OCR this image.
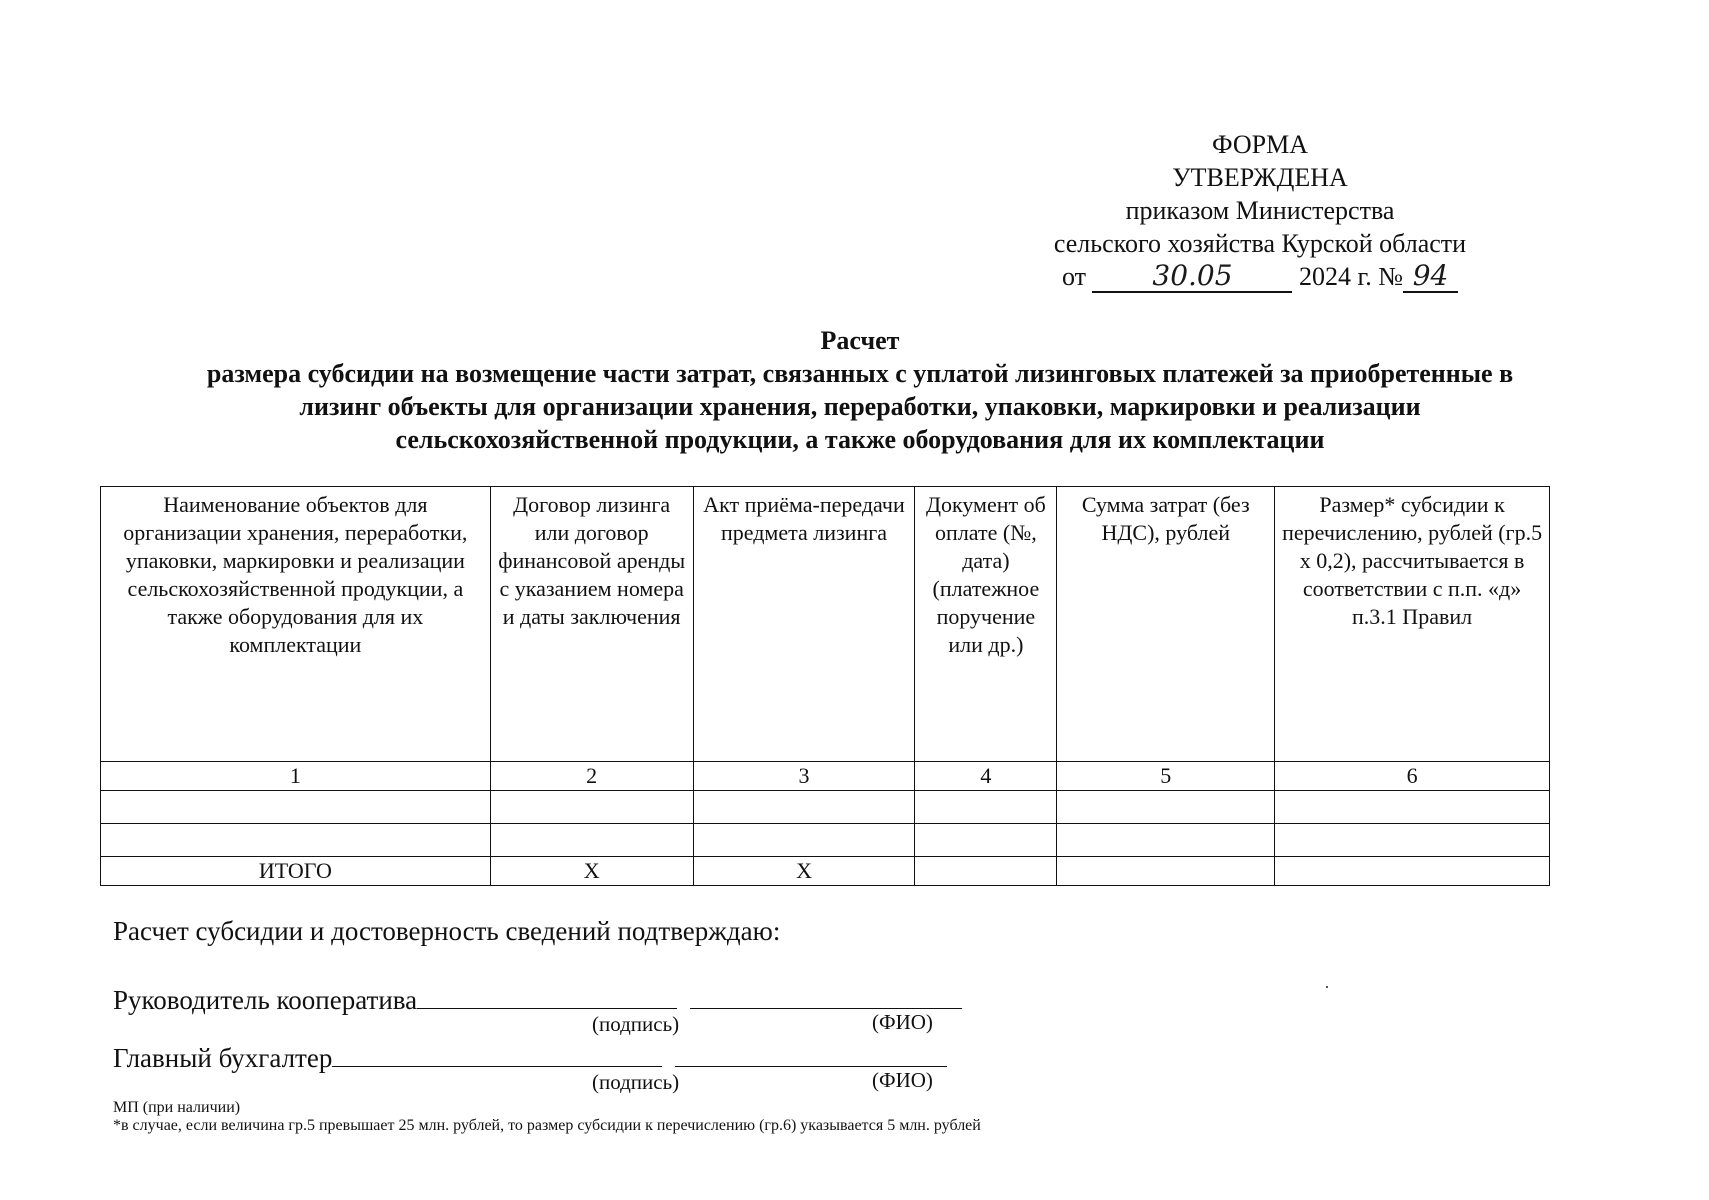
ФОРМА
УТВЕРЖДЕНА
приказом Министерства
сельского хозяйства Курской области
от 30.05	2024 г. № 94
Расчет
размера субсидии на возмещение части затрат, связанных с уплатой лизинговых платежей за приобретенные в
лизинг объекты для организации хранения, переработки, упаковки, маркировки и реализации
сельскохозяйственной продукции, а также оборудования для их комплектации
Наименование объектов для организации хранения, переработки, упаковки, маркировки и реализации сельскохозяйственной продукции, а также оборудования для их комплектации	Договор лизинга или договор финансовой аренды с указанием номера и даты заключения	Акт приёма-передачи предмета лизинга	Документ об оплате (№, дата) (платежное поручение или др.)	Сумма затрат (без НДС), рублей	Размер* субсидии к перечислению, рублей (гр.5 х 0,2), рассчитывается в соответствии с п.п. «д» п.3.1 Правил
1	2	3	4	5	6

ИТОГО	Х	Х			
Расчет субсидии и достоверность сведений подтверждаю:
Руководитель кооператива
(подпись)	(ФИО)
Главный бухгалтер
(подпись)	(ФИО)
МП (при наличии)
*в случае, если величина гр.5 превышает 25 млн. рублей, то размер субсидии к перечислению (гр.6) указывается 5 млн. рублей
